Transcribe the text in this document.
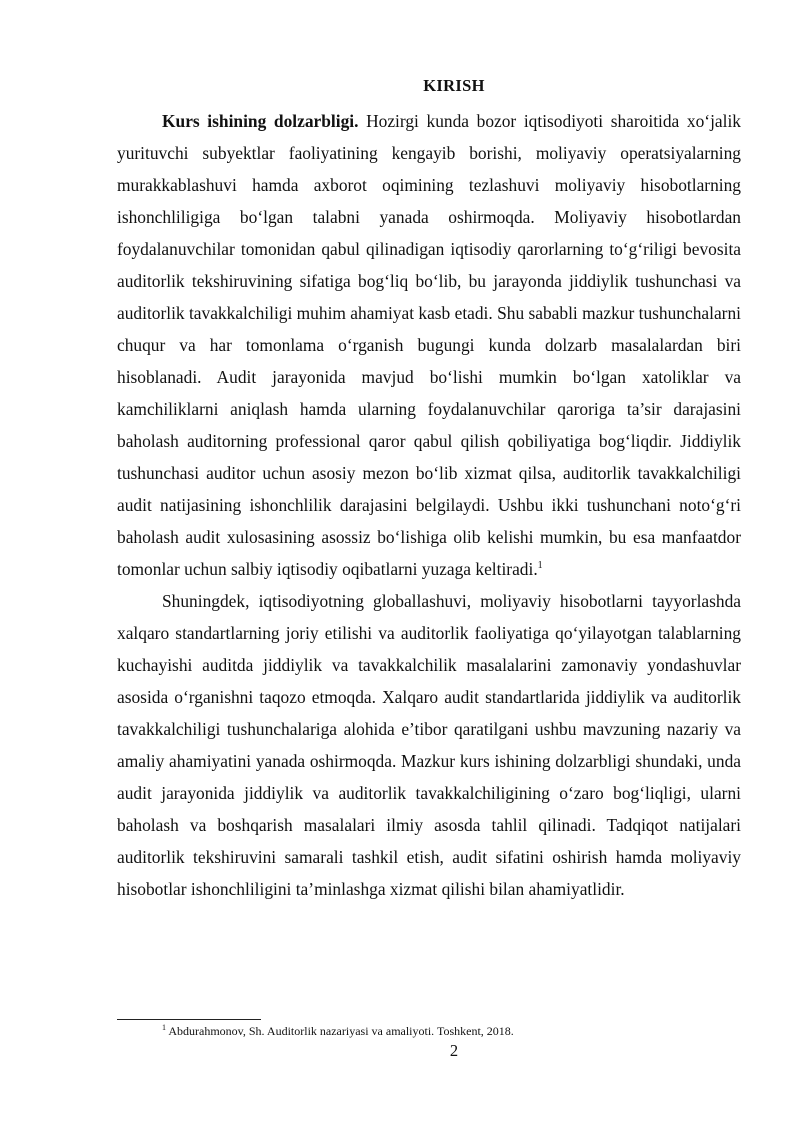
KIRISH

Kurs ishining dolzarbligi. Hozirgi kunda bozor iqtisodiyoti sharoitida xo‘jalik yurituvchi subyektlar faoliyatining kengayib borishi, moliyaviy operatsiyalarning murakkablashuvi hamda axborot oqimining tezlashuvi moliyaviy hisobotlarning ishonchliligiga bo‘lgan talabni yanada oshirmoqda. Moliyaviy hisobotlardan foydalanuvchilar tomonidan qabul qilinadigan iqtisodiy qarorlarning to‘g‘riligi bevosita auditorlik tekshiruvining sifatiga bog‘liq bo‘lib, bu jarayonda jiddiylik tushunchasi va auditorlik tavakkalchiligi muhim ahamiyat kasb etadi. Shu sababli mazkur tushunchalarni chuqur va har tomonlama o‘rganish bugungi kunda dolzarb masalalardan biri hisoblanadi. Audit jarayonida mavjud bo‘lishi mumkin bo‘lgan xatoliklar va kamchiliklarni aniqlash hamda ularning foydalanuvchilar qaroriga ta’sir darajasini baholash auditorning professional qaror qabul qilish qobiliyatiga bog‘liqdir. Jiddiylik tushunchasi auditor uchun asosiy mezon bo‘lib xizmat qilsa, auditorlik tavakkalchiligi audit natijasining ishonchlilik darajasini belgilaydi. Ushbu ikki tushunchani noto‘g‘ri baholash audit xulosasining asossiz bo‘lishiga olib kelishi mumkin, bu esa manfaatdor tomonlar uchun salbiy iqtisodiy oqibatlarni yuzaga keltiradi.$^1$

Shuningdek, iqtisodiyotning globallashuvi, moliyaviy hisobotlarni tayyorlashda xalqaro standartlarning joriy etilishi va auditorlik faoliyatiga qo‘yilayotgan talablarning kuchayishi auditda jiddiylik va tavakkalchilik masalalarini zamonaviy yondashuvlar asosida o‘rganishni taqozo etmoqda. Xalqaro audit standartlarida jiddiylik va auditorlik tavakkalchiligi tushunchalariga alohida e’tibor qaratilgani ushbu mavzuning nazariy va amaliy ahamiyatini yanada oshirmoqda. Mazkur kurs ishining dolzarbligi shundaki, unda audit jarayonida jiddiylik va auditorlik tavakkalchiligining o‘zaro bog‘liqligi, ularni baholash va boshqarish masalalari ilmiy asosda tahlil qilinadi. Tadqiqot natijalari auditorlik tekshiruvini samarali tashkil etish, audit sifatini oshirish hamda moliyaviy hisobotlar ishonchliligini ta’minlashga xizmat qilishi bilan ahamiyatlidir.

$^1$ Abdurahmonov, Sh. Auditorlik nazariyasi va amaliyoti. Toshkent, 2018.
2
